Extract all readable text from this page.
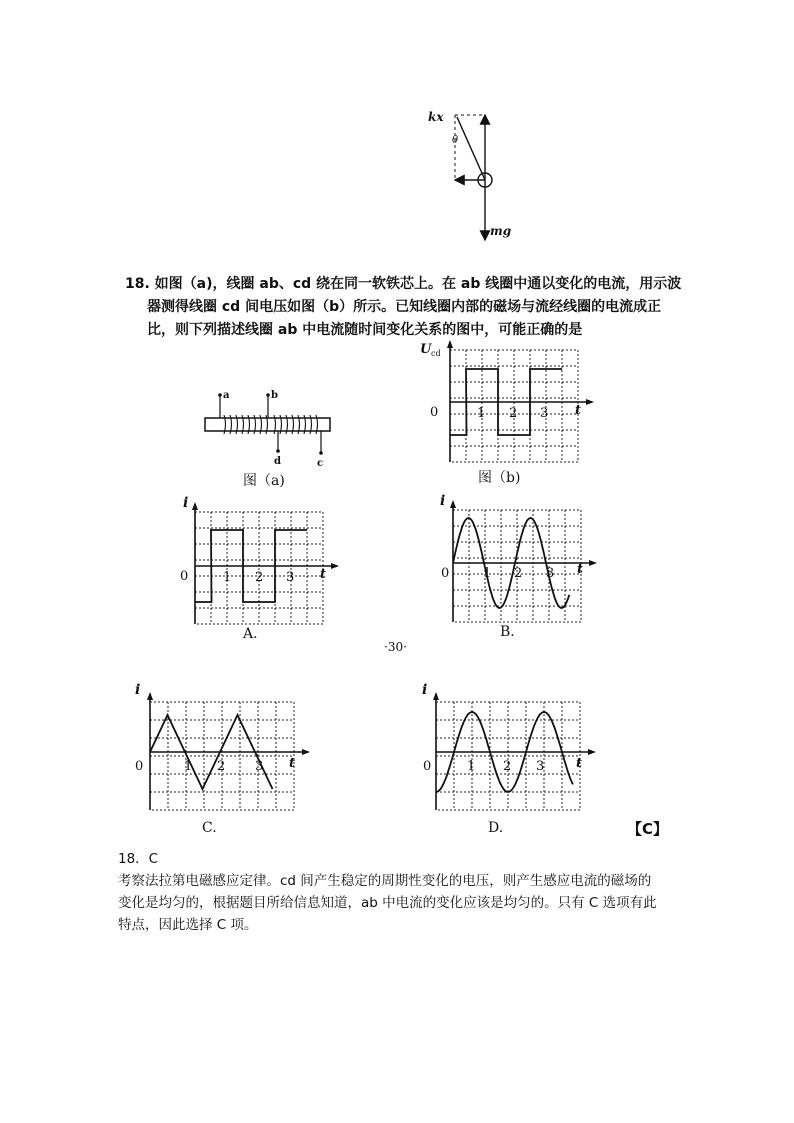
kx
θ
mg
18. 如图（a)，线圈 ab、cd 绕在同一软铁芯上。在 ab 线圈中通以变化的电流，用示波
器测得线圈 cd 间电压如图（b）所示。已知线圈内部的磁场与流经线圈的电流成正
比，则下列描述线圈 ab 中电流随时间变化关系的图中，可能正确的是
a	b
d	c
图（a)
U cd
0	1 2 3 t
图（b)
i
0	1 2 3 t
A.
i
0	1 2 3 t
B.
·30·
i
0	1 2 3 t
C.
i
0	1 2 3 t
D.	【C】
18．C
考察法拉第电磁感应定律。cd 间产生稳定的周期性变化的电压，则产生感应电流的磁场的
变化是均匀的，根据题目所给信息知道，ab 中电流的变化应该是均匀的。只有 C 选项有此
特点，因此选择 C 项。
